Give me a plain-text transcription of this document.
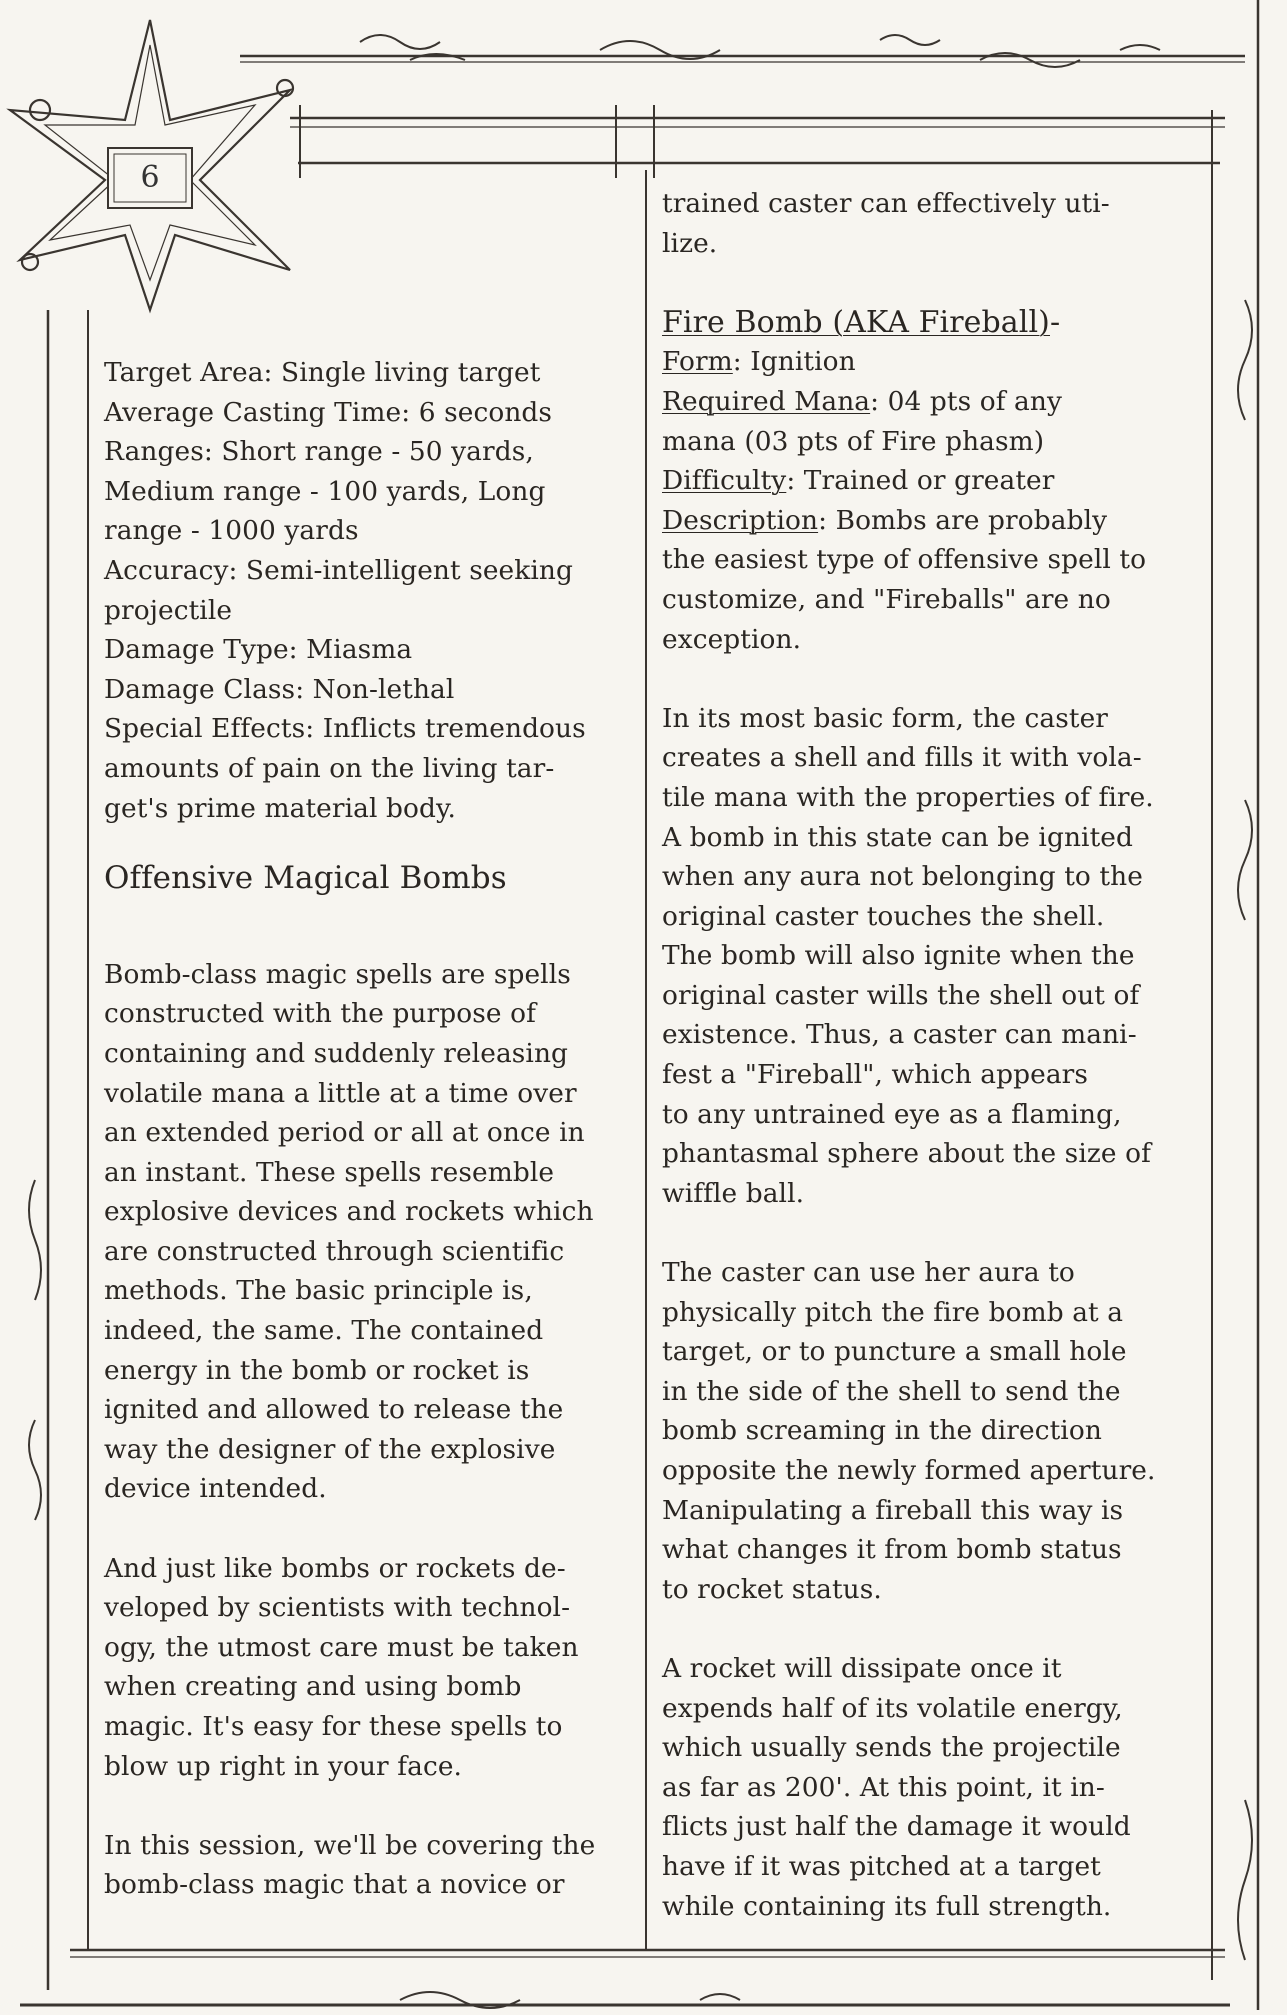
6

Target Area: Single living target

Average Casting Time: 6 seconds

Ranges: Short range - 50 yards,

Medium range - 100 yards, Long

range - 1000 yards

Accuracy: Semi-intelligent seeking

projectile

Damage Type: Miasma

Damage Class: Non-lethal

Special Effects: Inflicts tremendous

amounts of pain on the living tar-

get's prime material body.

Offensive Magical Bombs

Bomb-class magic spells are spells

constructed with the purpose of

containing and suddenly releasing

volatile mana a little at a time over

an extended period or all at once in

an instant. These spells resemble

explosive devices and rockets which

are constructed through scientific

methods. The basic principle is,

indeed, the same. The contained

energy in the bomb or rocket is

ignited and allowed to release the

way the designer of the explosive

device intended.

And just like bombs or rockets de-

veloped by scientists with technol-

ogy, the utmost care must be taken

when creating and using bomb

magic. It's easy for these spells to

blow up right in your face.

In this session, we'll be covering the

bomb-class magic that a novice or

trained caster can effectively uti-

lize.

Fire Bomb (AKA Fireball)-

Form: Ignition

Required Mana: 04 pts of any

mana (03 pts of Fire phasm)

Difficulty: Trained or greater

Description: Bombs are probably

the easiest type of offensive spell to

customize, and "Fireballs" are no

exception.

In its most basic form, the caster

creates a shell and fills it with vola-

tile mana with the properties of fire.

A bomb in this state can be ignited

when any aura not belonging to the

original caster touches the shell.

The bomb will also ignite when the

original caster wills the shell out of

existence. Thus, a caster can mani-

fest a "Fireball", which appears

to any untrained eye as a flaming,

phantasmal sphere about the size of

wiffle ball.

The caster can use her aura to

physically pitch the fire bomb at a

target, or to puncture a small hole

in the side of the shell to send the

bomb screaming in the direction

opposite the newly formed aperture.

Manipulating a fireball this way is

what changes it from bomb status

to rocket status.

A rocket will dissipate once it

expends half of its volatile energy,

which usually sends the projectile

as far as 200'. At this point, it in-

flicts just half the damage it would

have if it was pitched at a target

while containing its full strength.
